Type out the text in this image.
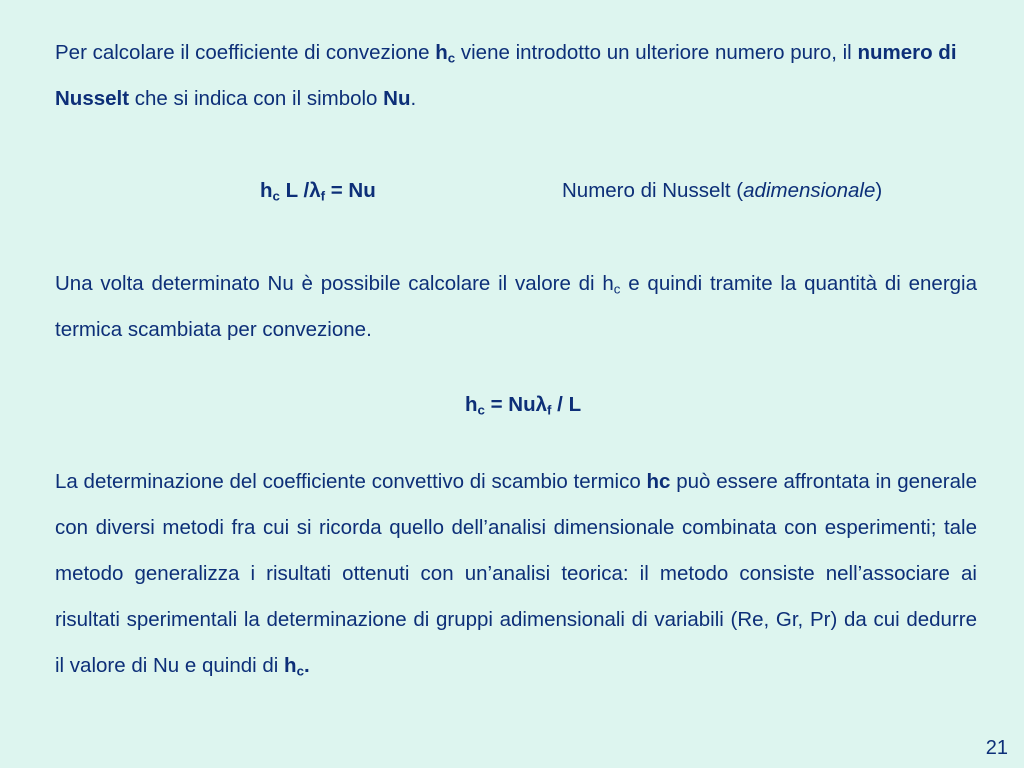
Per calcolare il coefficiente di convezione $h_c$ viene introdotto un ulteriore numero puro, il numero di Nusselt che si indica con il simbolo Nu.

$h_c$ L $/\lambda_f = Nu$	Numero di Nusselt (adimensionale)

Una volta determinato Nu è possibile calcolare il valore di $h_c$ e quindi tramite la quantità di energia termica scambiata per convezione.

$h_c = Nu\lambda_f / L$

La determinazione del coefficiente convettivo di scambio termico hc può essere affrontata in generale con diversi metodi fra cui si ricorda quello dell’analisi dimensionale combinata con esperimenti; tale metodo generalizza i risultati ottenuti con un’analisi teorica: il metodo consiste nell’associare ai risultati sperimentali la determinazione di gruppi adimensionali di variabili (Re, Gr, Pr) da cui dedurre il valore di Nu e quindi di $h_c$.

21
